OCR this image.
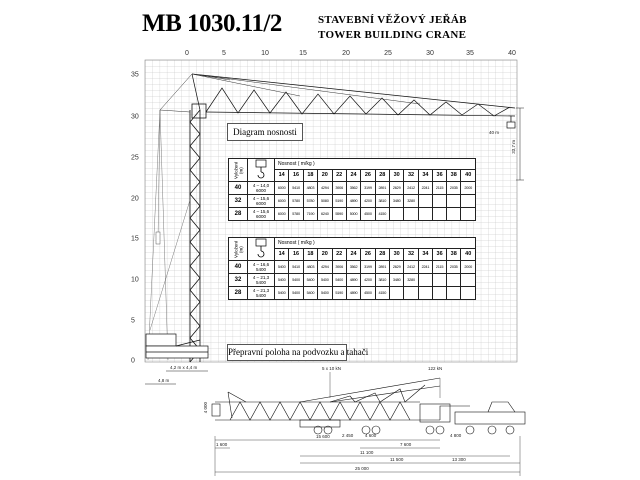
MB 1030.11/2	STAVEBNÍ VĚŽOVÝ JEŘÁB
TOWER BUILDING CRANE
0	5	10	15	20	25	30	35	40
35
30
25
20
15
10
5
0
40 m
33,7 m
4,2 m x 4,4 m
4,8 m
Diagram nosnosti
Přepravní poloha na podvozku a tahači
Vyložení (m)		Nosnost ( m/kg )													
		14	16	18	20	22	24	26	28	30	32	34	36	38	40
40	4 – 14,0 6000	6000	5410	4803	4294	3906	3562	3199	2891	2629	2412	2241	2115	2035	2000
32	4 – 15,6 6000	6000	5780	5780	5080	5190	4890	4200	3810	3480	3280				
28	4 – 15,6 6000	6000	5780	7190	6240	5590	5000	4500	4150						
Vyložení (m)		Nosnost ( m/kg )													
		14	16	18	20	22	24	26	28	30	32	34	36	38	40
40	4 – 16,6 5400	5400	5410	4803	4294	3906	3562	3199	2891	2629	2412	2241	2115	2035	2000
32	4 – 21,3 5400	5400	5400	5400	5400	5400	4890	4200	3810	3480	3280				
28	4 – 21,3 5400	5400	5400	5400	5400	5190	4890	4500	4150						
5 x 10 kN
4 000
122 kN
15 600
7 600
1 600
2 450	4 600	4 800
11 100
11 500	13 300
25 000
